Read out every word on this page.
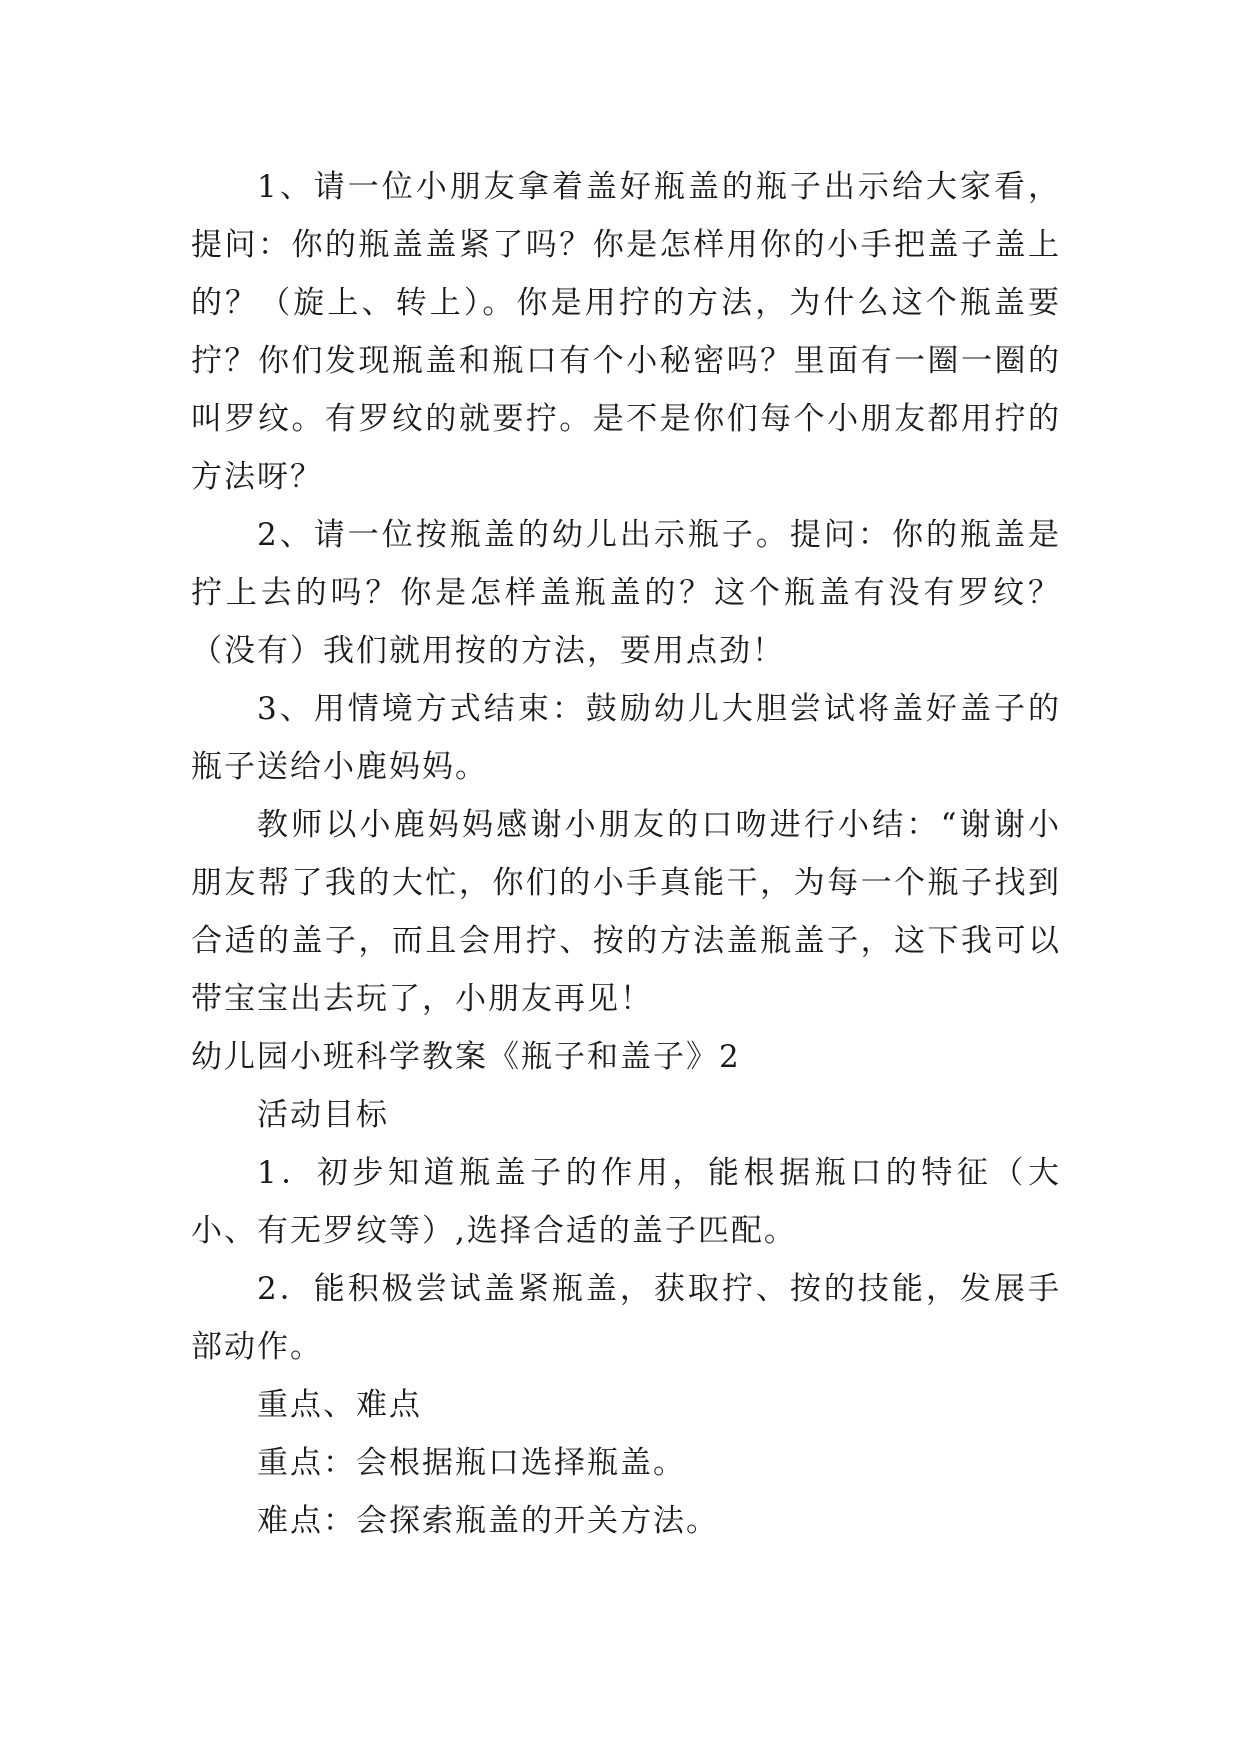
1、请一位小朋友拿着盖好瓶盖的瓶子出示给大家看，提问：你的瓶盖盖紧了吗？你是怎样用你的小手把盖子盖上的？（旋上、转上）。你是用拧的方法，为什么这个瓶盖要拧？你们发现瓶盖和瓶口有个小秘密吗？里面有一圈一圈的叫罗纹。有罗纹的就要拧。是不是你们每个小朋友都用拧的方法呀？

2、请一位按瓶盖的幼儿出示瓶子。提问：你的瓶盖是拧上去的吗？你是怎样盖瓶盖的？这个瓶盖有没有罗纹？（没有）我们就用按的方法，要用点劲！

3、用情境方式结束：鼓励幼儿大胆尝试将盖好盖子的瓶子送给小鹿妈妈。

教师以小鹿妈妈感谢小朋友的口吻进行小结：“谢谢小朋友帮了我的大忙，你们的小手真能干，为每一个瓶子找到合适的盖子，而且会用拧、按的方法盖瓶盖子，这下我可以带宝宝出去玩了，小朋友再见！

幼儿园小班科学教案《瓶子和盖子》2

活动目标

1．初步知道瓶盖子的作用，能根据瓶口的特征（大小、有无罗纹等）,选择合适的盖子匹配。

2．能积极尝试盖紧瓶盖，获取拧、按的技能，发展手部动作。

重点、难点

重点：会根据瓶口选择瓶盖。

难点：会探索瓶盖的开关方法。
